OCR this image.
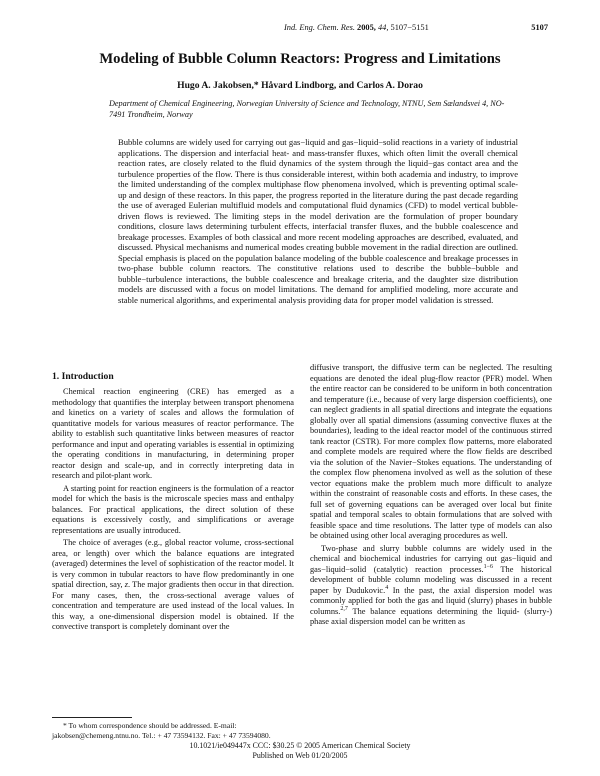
Ind. Eng. Chem. Res. 2005, 44, 5107−5151	5107
Modeling of Bubble Column Reactors: Progress and Limitations
Hugo A. Jakobsen,* Håvard Lindborg, and Carlos A. Dorao
Department of Chemical Engineering, Norwegian University of Science and Technology, NTNU, Sem Sælandsvei 4, NO-7491 Trondheim, Norway

Bubble columns are widely used for carrying out gas−liquid and gas−liquid−solid reactions in a variety of industrial applications. The dispersion and interfacial heat- and mass-transfer fluxes, which often limit the overall chemical reaction rates, are closely related to the fluid dynamics of the system through the liquid−gas contact area and the turbulence properties of the flow. There is thus considerable interest, within both academia and industry, to improve the limited understanding of the complex multiphase flow phenomena involved, which is preventing optimal scale-up and design of these reactors. In this paper, the progress reported in the literature during the past decade regarding the use of averaged Eulerian multifluid models and computational fluid dynamics (CFD) to model vertical bubble-driven flows is reviewed. The limiting steps in the model derivation are the formulation of proper boundary conditions, closure laws determining turbulent effects, interfacial transfer fluxes, and the bubble coalescence and breakage processes. Examples of both classical and more recent modeling approaches are described, evaluated, and discussed. Physical mechanisms and numerical modes creating bubble movement in the radial direction are outlined. Special emphasis is placed on the population balance modeling of the bubble coalescence and breakage processes in two-phase bubble column reactors. The constitutive relations used to describe the bubble−bubble and bubble−turbulence interactions, the bubble coalescence and breakage criteria, and the daughter size distribution models are discussed with a focus on model limitations. The demand for amplified modeling, more accurate and stable numerical algorithms, and experimental analysis providing data for proper model validation is stressed.

1. Introduction

Chemical reaction engineering (CRE) has emerged as a methodology that quantifies the interplay between transport phenomena and kinetics on a variety of scales and allows the formulation of quantitative models for various measures of reactor performance. The ability to establish such quantitative links between measures of reactor performance and input and operating variables is essential in optimizing the operating conditions in manufacturing, in determining proper reactor design and scale-up, and in correctly interpreting data in research and pilot-plant work.

A starting point for reaction engineers is the formulation of a reactor model for which the basis is the microscale species mass and enthalpy balances. For practical applications, the direct solution of these equations is excessively costly, and simplifications or average representations are usually introduced.

The choice of averages (e.g., global reactor volume, cross-sectional area, or length) over which the balance equations are integrated (averaged) determines the level of sophistication of the reactor model. It is very common in tubular reactors to have flow predominantly in one spatial direction, say, z. The major gradients then occur in that direction. For many cases, then, the cross-sectional average values of concentration and temperature are used instead of the local values. In this way, a one-dimensional dispersion model is obtained. If the convective transport is completely dominant over the

diffusive transport, the diffusive term can be neglected. The resulting equations are denoted the ideal plug-flow reactor (PFR) model. When the entire reactor can be considered to be uniform in both concentration and temperature (i.e., because of very large dispersion coefficients), one can neglect gradients in all spatial directions and integrate the equations globally over all spatial dimensions (assuming convective fluxes at the boundaries), leading to the ideal reactor model of the continuous stirred tank reactor (CSTR). For more complex flow patterns, more elaborated and complete models are required where the flow fields are described via the solution of the Navier−Stokes equations. The understanding of the complex flow phenomena involved as well as the solution of these vector equations make the problem much more difficult to analyze within the constraint of reasonable costs and efforts. In these cases, the full set of governing equations can be averaged over local but finite spatial and temporal scales to obtain formulations that are solved with feasible space and time resolutions. The latter type of models can also be obtained using other local averaging procedures as well.

Two-phase and slurry bubble columns are widely used in the chemical and biochemical industries for carrying out gas−liquid and gas−liquid−solid (catalytic) reaction processes.$^{1-6}$ The historical development of bubble column modeling was discussed in a recent paper by Dudukovic.$^4$ In the past, the axial dispersion model was commonly applied for both the gas and liquid (slurry) phases in bubble columns.$^{2,7}$ The balance equations determining the liquid- (slurry-) phase axial dispersion model can be written as

* To whom correspondence should be addressed. E-mail: jakobsen@chemeng.ntnu.no. Tel.: + 47 73594132. Fax: + 47 73594080.

10.1021/ie049447x CCC: $30.25 © 2005 American Chemical Society
Published on Web 01/20/2005
